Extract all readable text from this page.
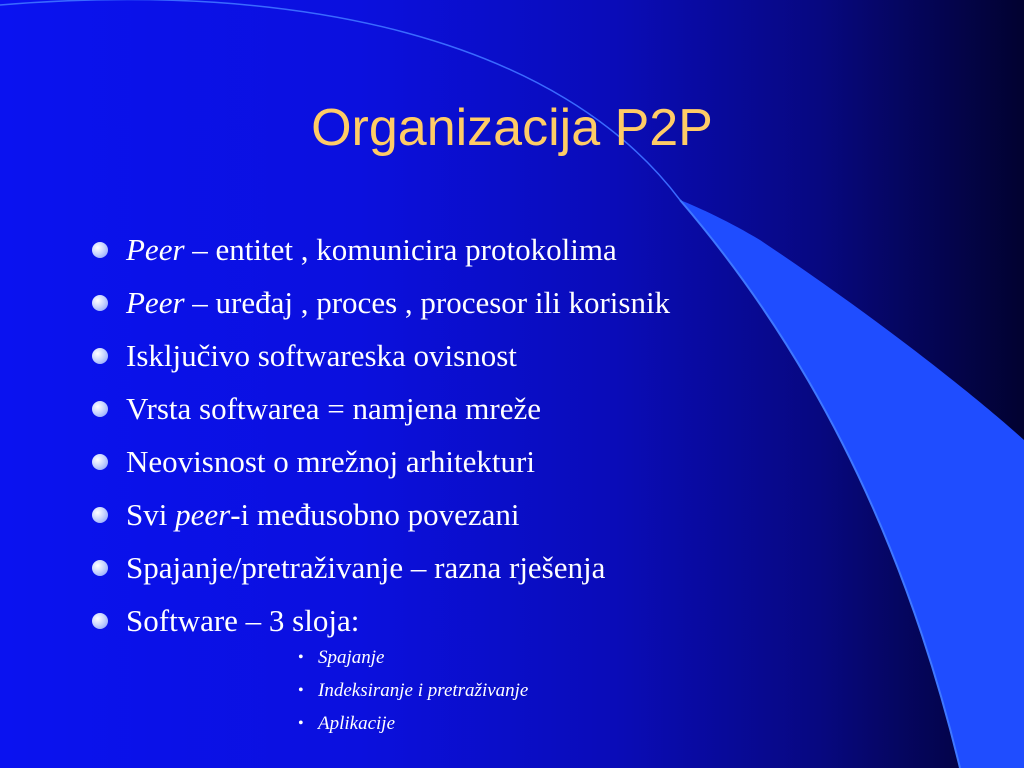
Organizacija P2P
Peer – entitet , komunicira protokolima
Peer – uređaj , proces , procesor ili korisnik
Isključivo softwareska ovisnost
Vrsta softwarea = namjena mreže
Neovisnost o mrežnoj arhitekturi
Svi peer-i međusobno povezani
Spajanje/pretraživanje – razna rješenja
Software – 3 sloja:
• Spajanje
• Indeksiranje i pretraživanje
• Aplikacije
